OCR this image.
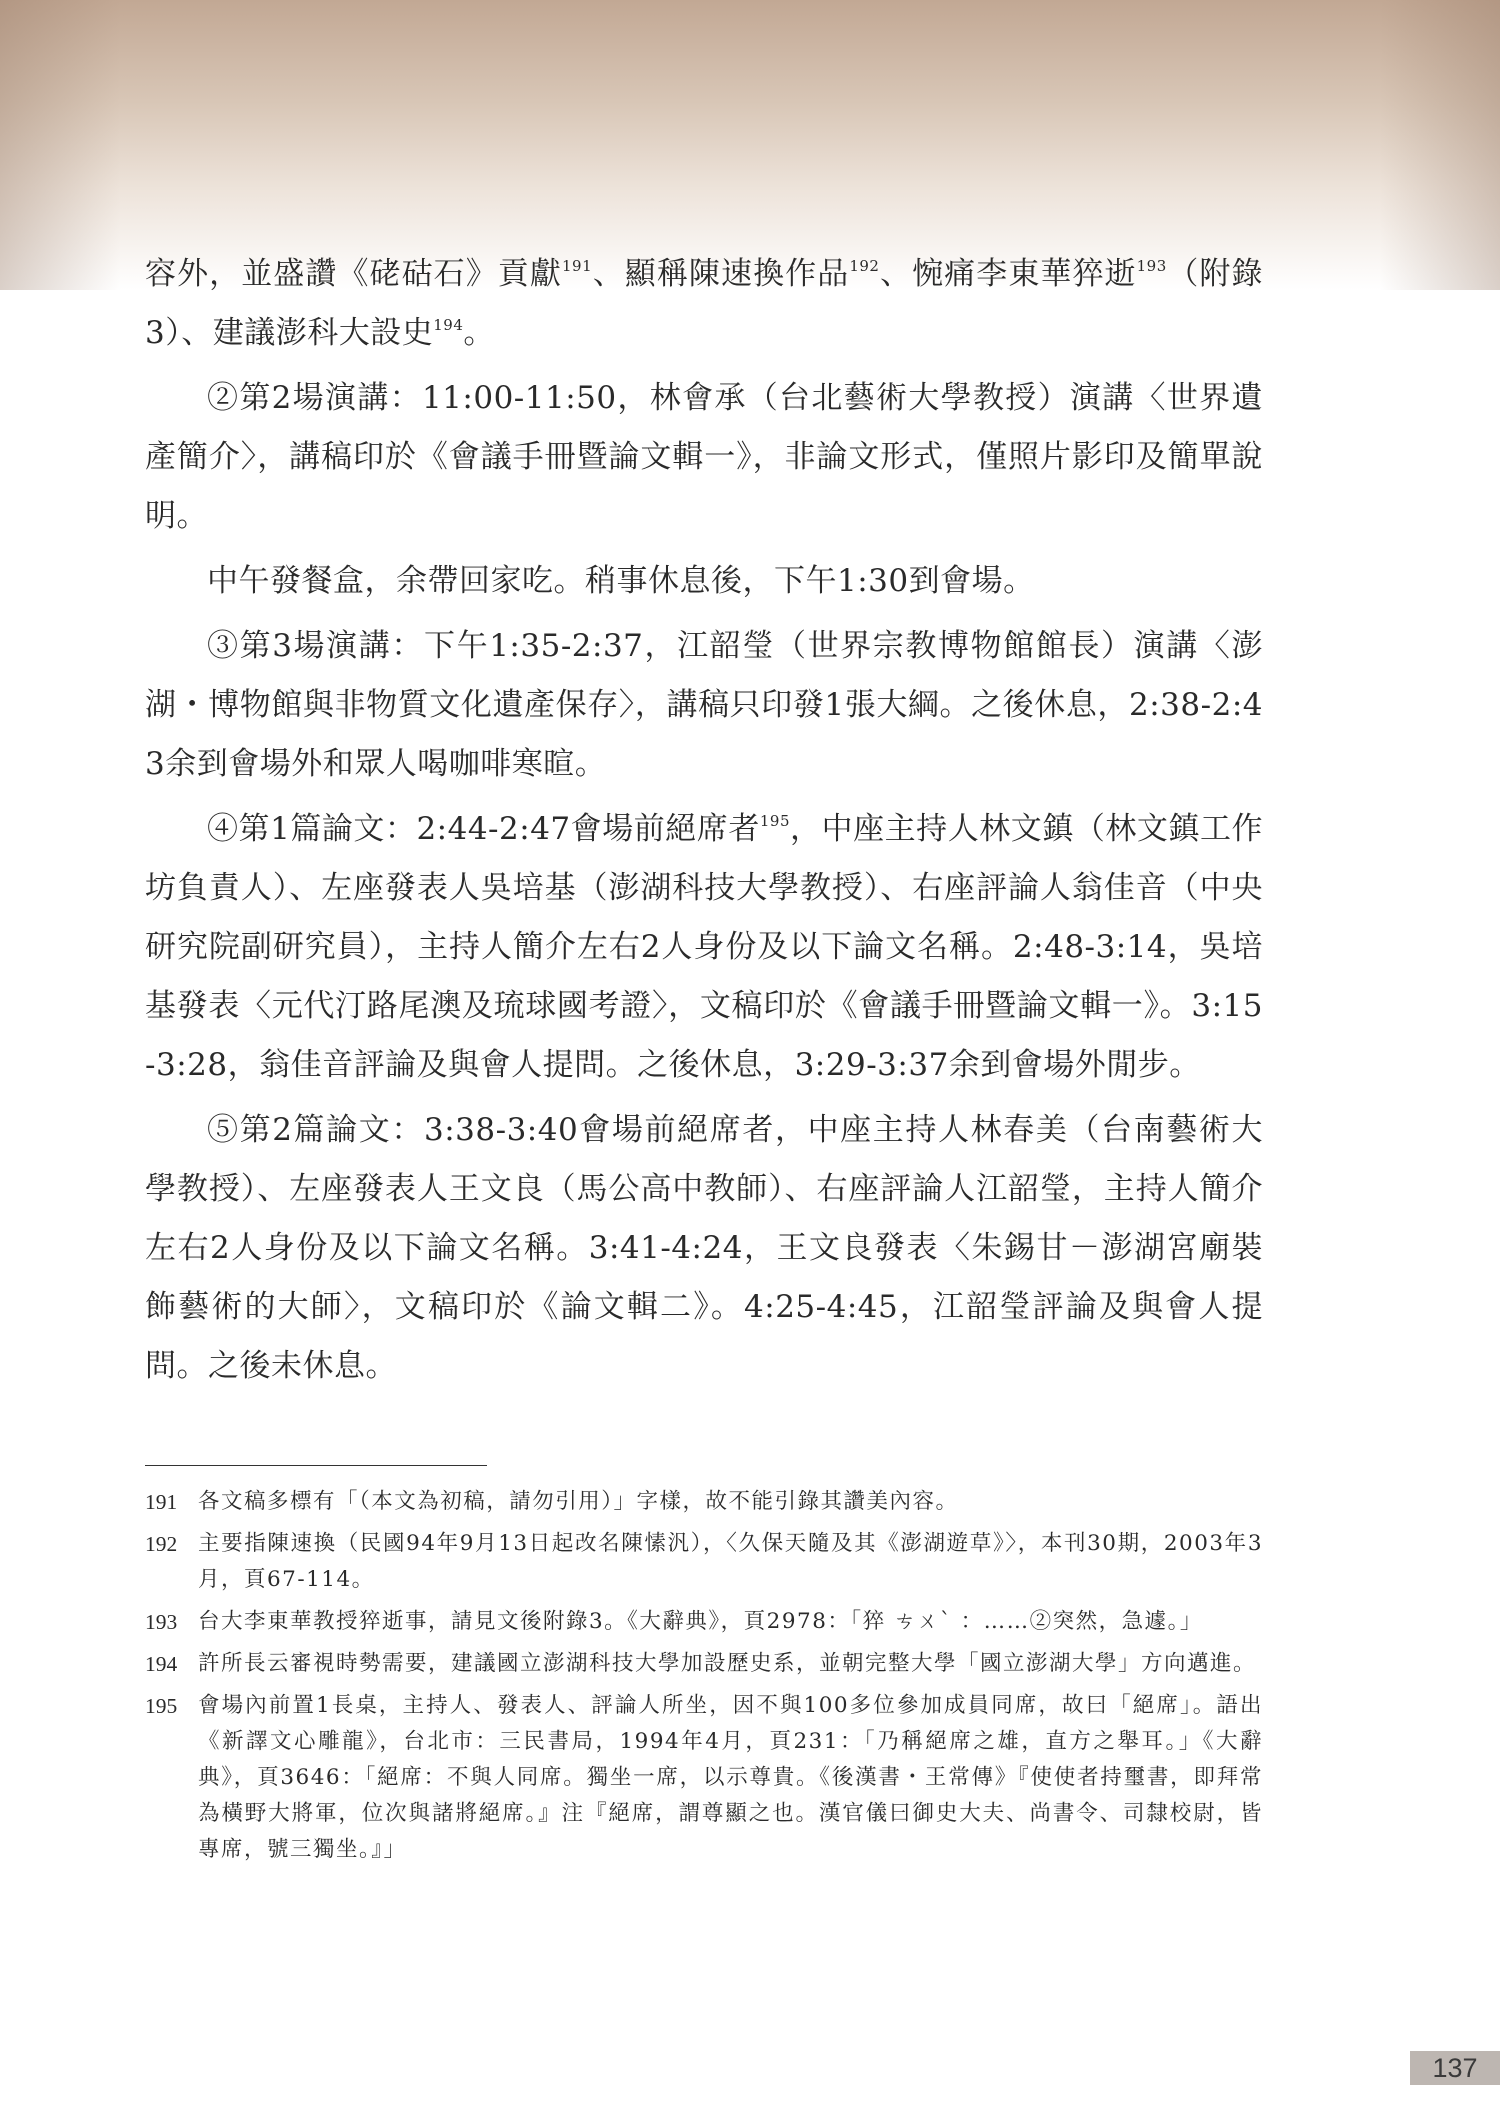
容外，並盛讚《硓𥑮石》貢獻$^{191}$、顯稱陳速換作品$^{192}$、惋痛李東華猝逝$^{193}$（附錄3）、建議澎科大設史$^{194}$。

②第2場演講：11:00-11:50，林會承（台北藝術大學教授）演講〈世界遺產簡介〉，講稿印於《會議手冊暨論文輯一》，非論文形式，僅照片影印及簡單說明。

中午發餐盒，余帶回家吃。稍事休息後，下午1:30到會場。

③第3場演講：下午1:35-2:37，江韶瑩（世界宗教博物館館長）演講〈澎湖・博物館與非物質文化遺產保存〉，講稿只印發1張大綱。之後休息，2:38-2:43余到會場外和眾人喝咖啡寒暄。

④第1篇論文：2:44-2:47會場前絕席者$^{195}$，中座主持人林文鎮（林文鎮工作坊負責人）、左座發表人吳培基（澎湖科技大學教授）、右座評論人翁佳音（中央研究院副研究員），主持人簡介左右2人身份及以下論文名稱。2:48-3:14，吳培基發表〈元代汀路尾澳及琉球國考證〉，文稿印於《會議手冊暨論文輯一》。3:15-3:28，翁佳音評論及與會人提問。之後休息，3:29-3:37余到會場外閒步。

⑤第2篇論文：3:38-3:40會場前絕席者，中座主持人林春美（台南藝術大學教授）、左座發表人王文良（馬公高中教師）、右座評論人江韶瑩，主持人簡介左右2人身份及以下論文名稱。3:41-4:24，王文良發表〈朱錫甘－澎湖宮廟裝飾藝術的大師〉，文稿印於《論文輯二》。4:25-4:45，江韶瑩評論及與會人提問。之後未休息。

191 各文稿多標有「（本文為初稿，請勿引用）」字樣，故不能引錄其讚美內容。
192 主要指陳速換（民國94年9月13日起改名陳愫汎），〈久保天隨及其《澎湖遊草》〉，本刊30期，2003年3月，頁67-114。
193 台大李東華教授猝逝事，請見文後附錄3。《大辭典》，頁2978：「猝 ㄘㄨˋ ：……②突然，急遽。」
194 許所長云審視時勢需要，建議國立澎湖科技大學加設歷史系，並朝完整大學「國立澎湖大學」方向邁進。
195 會場內前置1長桌，主持人、發表人、評論人所坐，因不與100多位參加成員同席，故曰「絕席」。語出《新譯文心雕龍》，台北市：三民書局，1994年4月，頁231：「乃稱絕席之雄，直方之舉耳。」《大辭典》，頁3646：「絕席：不與人同席。獨坐一席，以示尊貴。《後漢書・王常傳》『使使者持璽書，即拜常為橫野大將軍，位次與諸將絕席。』注『絕席，謂尊顯之也。漢官儀曰御史大夫、尚書令、司隸校尉，皆專席，號三獨坐。』」
137
